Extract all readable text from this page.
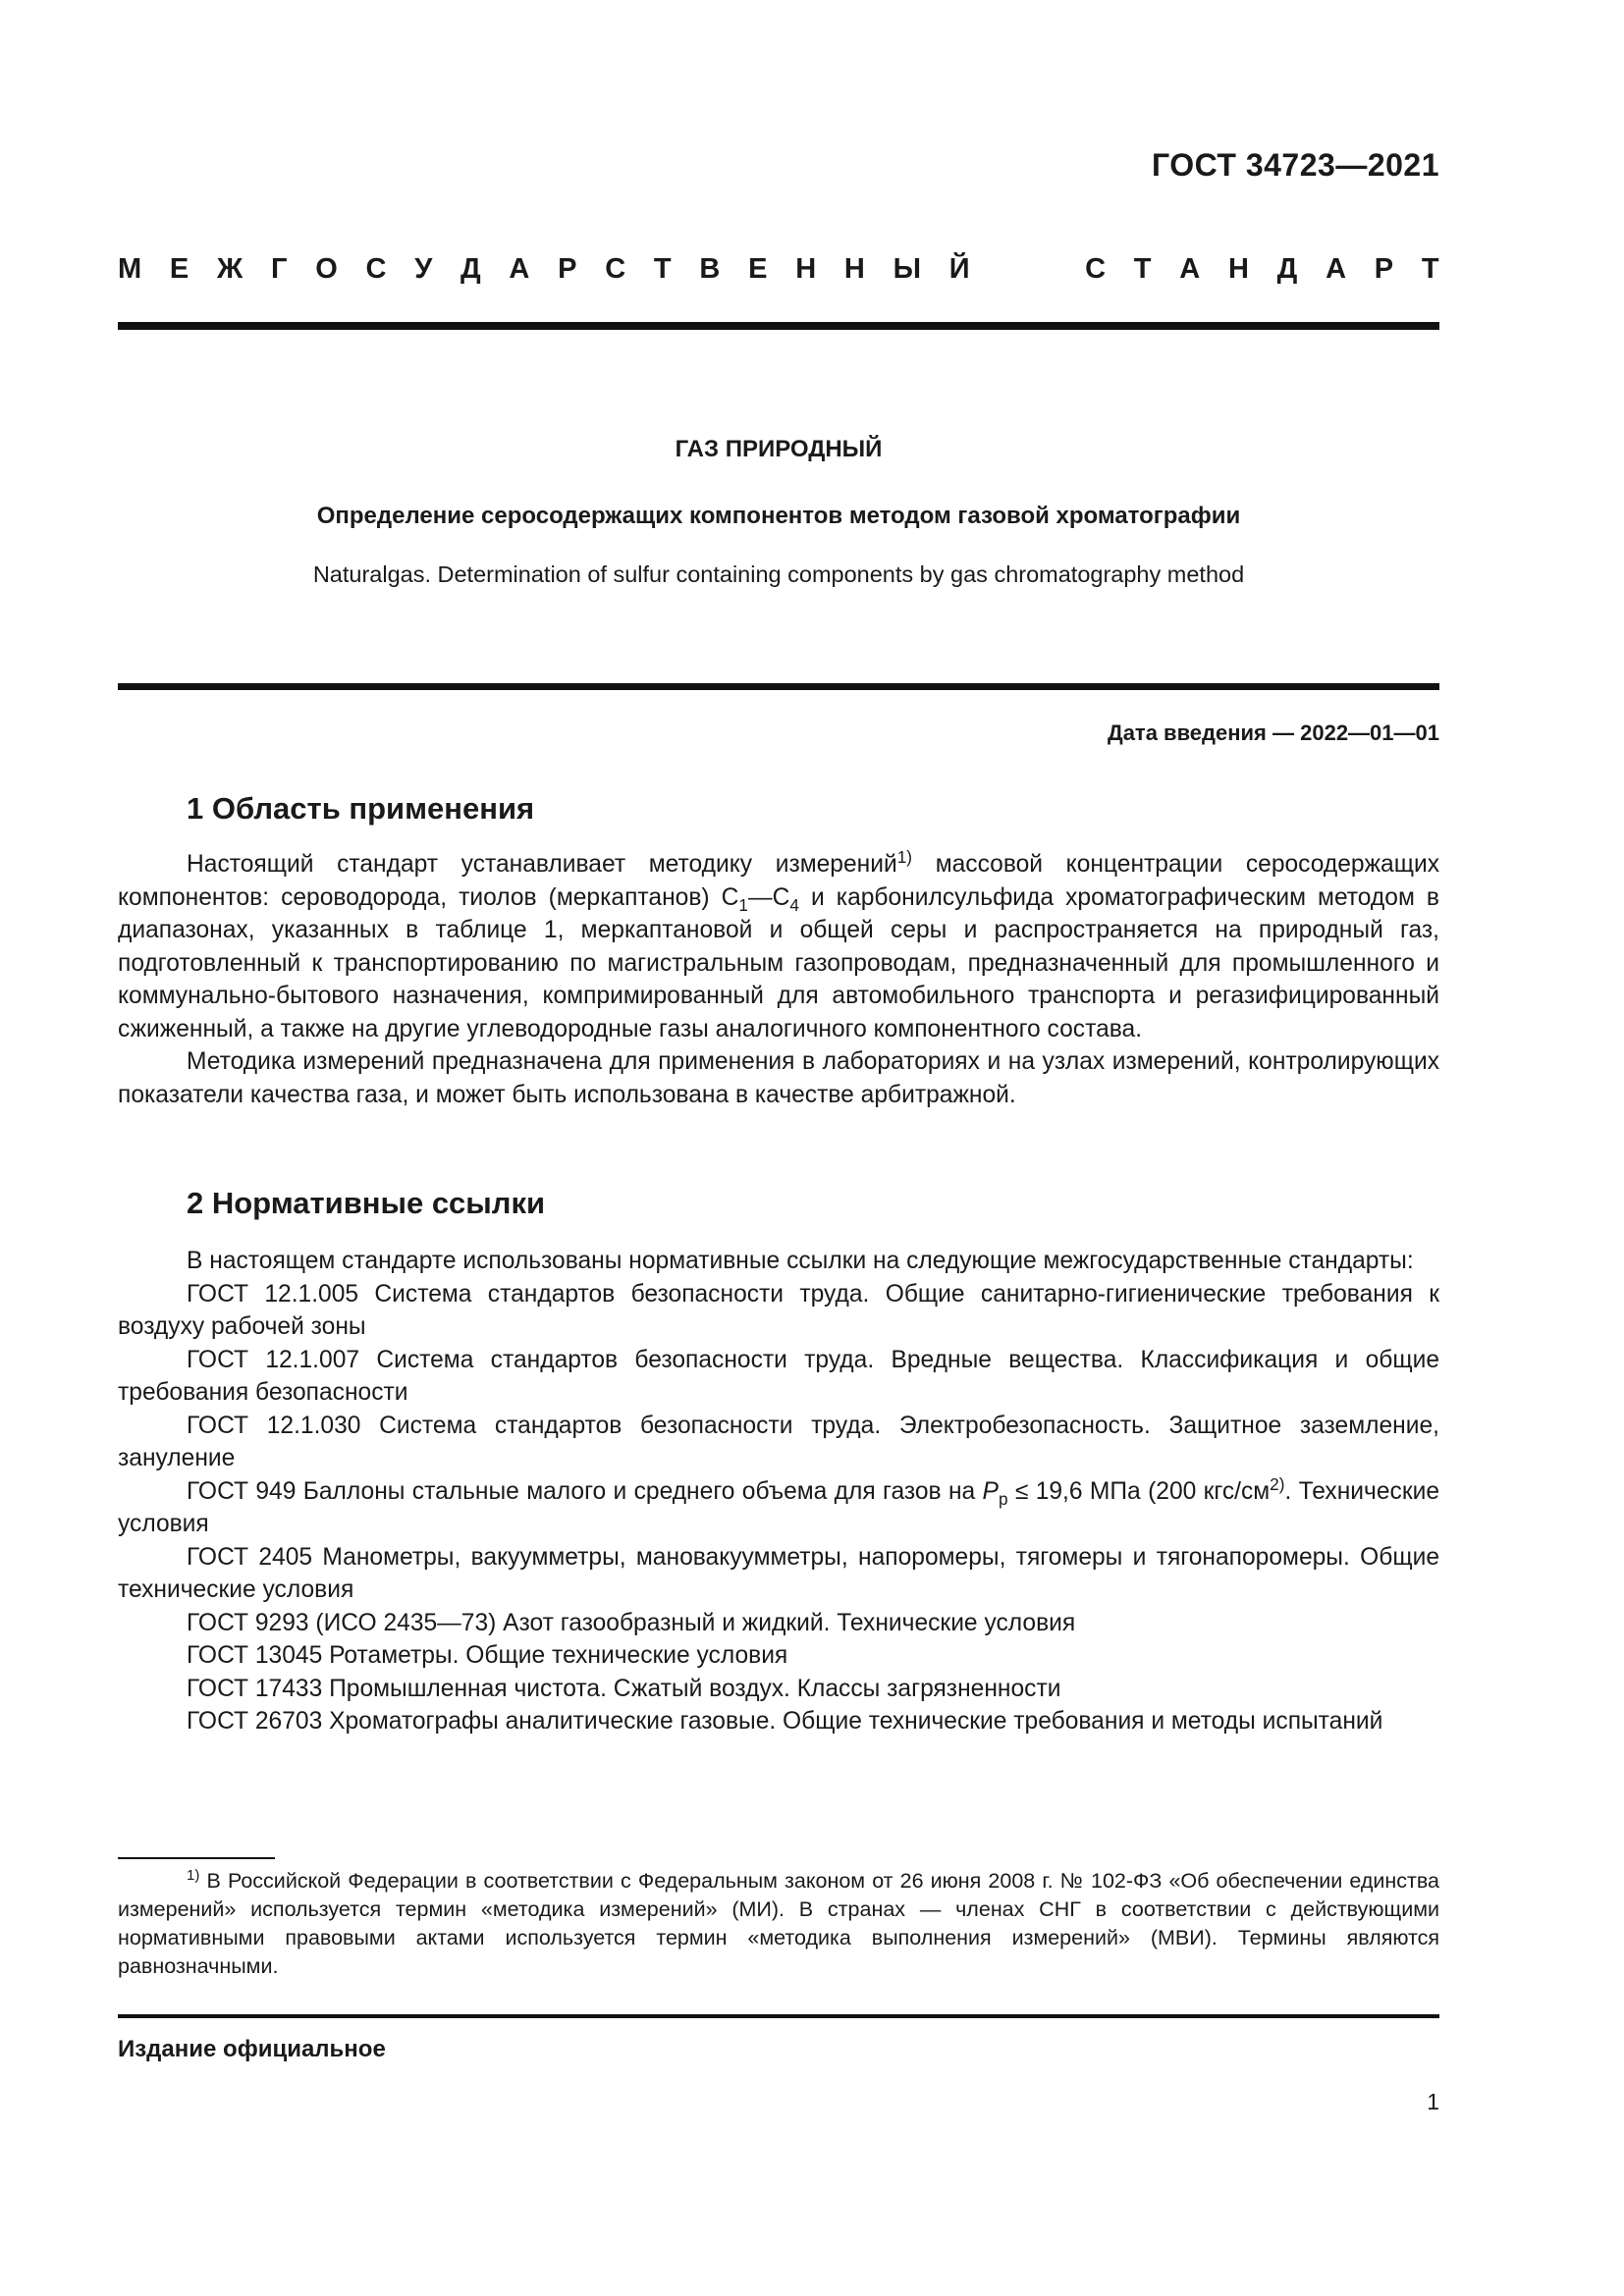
ГОСТ 34723—2021
М Е Ж Г О С У Д А Р С Т В Е Н Н Ы Й	С Т А Н Д А Р Т
ГАЗ ПРИРОДНЫЙ
Определение серосодержащих компонентов методом газовой хроматографии
Naturalgas. Determination of sulfur containing components by gas chromatography method
Дата введения — 2022—01—01
1 Область применения

Настоящий стандарт устанавливает методику измерений$^{1)}$ массовой концентрации серосодержащих компонентов: сероводорода, тиолов (меркаптанов) $С_1—С_4$ и карбонилсульфида хроматографическим методом в диапазонах, указанных в таблице 1, меркаптановой и общей серы и распространяется на природный газ, подготовленный к транспортированию по магистральным газопроводам, предназначенный для промышленного и коммунально-бытового назначения, компримированный для автомобильного транспорта и регазифицированный сжиженный, а также на другие углеводородные газы аналогичного компонентного состава.

Методика измерений предназначена для применения в лабораториях и на узлах измерений, контролирующих показатели качества газа, и может быть использована в качестве арбитражной.

2 Нормативные ссылки

В настоящем стандарте использованы нормативные ссылки на следующие межгосударственные стандарты:

ГОСТ 12.1.005 Система стандартов безопасности труда. Общие санитарно-гигиенические требования к воздуху рабочей зоны

ГОСТ 12.1.007 Система стандартов безопасности труда. Вредные вещества. Классификация и общие требования безопасности

ГОСТ 12.1.030 Система стандартов безопасности труда. Электробезопасность. Защитное заземление, зануление

ГОСТ 949 Баллоны стальные малого и среднего объема для газов на $P_р \le 19,6$ МПа (200 кгс/$см^{2)}$. Технические условия

ГОСТ 2405 Манометры, вакуумметры, мановакуумметры, напоромеры, тягомеры и тягонапоромеры. Общие технические условия

ГОСТ 9293 (ИСО 2435—73) Азот газообразный и жидкий. Технические условия

ГОСТ 13045 Ротаметры. Общие технические условия

ГОСТ 17433 Промышленная чистота. Сжатый воздух. Классы загрязненности

ГОСТ 26703 Хроматографы аналитические газовые. Общие технические требования и методы испытаний

$^{1)}$ В Российской Федерации в соответствии с Федеральным законом от 26 июня 2008 г. № 102-ФЗ «Об обеспечении единства измерений» используется термин «методика измерений» (МИ). В странах — членах СНГ в соответствии с действующими нормативными правовыми актами используется термин «методика выполнения измерений» (МВИ). Термины являются равнозначными.

Издание официальное
1
